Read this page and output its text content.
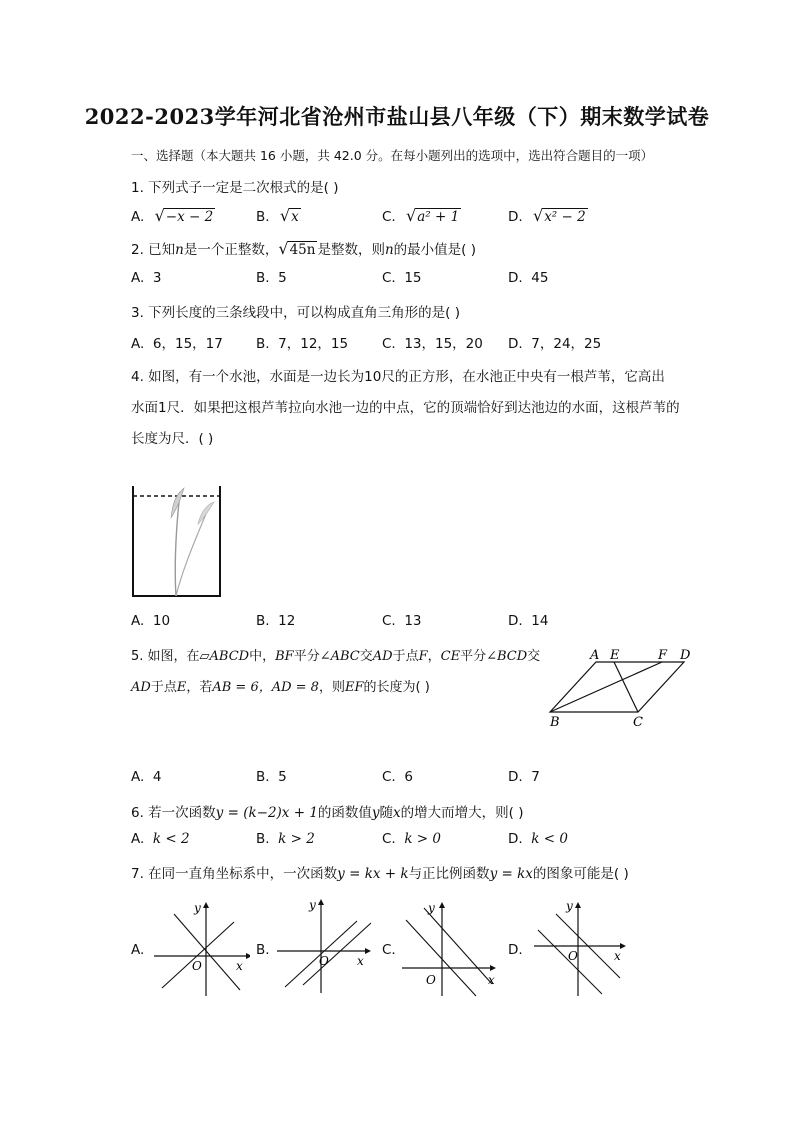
2022-2023学年河北省沧州市盐山县八年级（下）期末数学试卷
一、选择题（本大题共 16 小题，共 42.0 分。在每小题列出的选项中，选出符合题目的一项）
1. 下列式子一定是二次根式的是( )
A. √−x − 2	B. √x	C. √a² + 1	D. √x² − 2
2. 已知n是一个正整数，√45n 是整数，则n的最小值是( )
A. 3	B. 5	C. 15	D. 45
3. 下列长度的三条线段中，可以构成直角三角形的是( )
A. 6，15，17 B. 7，12，15	C. 13，15，20 D. 7，24，25
4. 如图，有一个水池，水面是一边长为10尺的正方形，在水池正中央有一根芦苇，它高出
水面1尺．如果把这根芦苇拉向水池一边的中点，它的顶端恰好到达池边的水面，这根芦苇的
长度为尺．( )
A. 10	B. 12	C. 13	D. 14
5. 如图，在▱ABCD中，BF平分∠ABC交AD于点F，CE平分∠BCD交
AD于点E，若AB = 6，AD = 8，则EF的长度为( )
A E	F D
B	C
A. 4	B. 5	C. 6	D. 7
6. 若一次函数y = (k−2)x + 1的函数值y随x的增大而增大，则( )
A. k < 2	B. k > 2	C. k > 0	D. k < 0
7. 在同一直角坐标系中，一次函数y = kx + k与正比例函数y = kx的图象可能是( )
A.
y
x
O
B.
y
x
O
C.
y
x
O
D.
y
x
O
